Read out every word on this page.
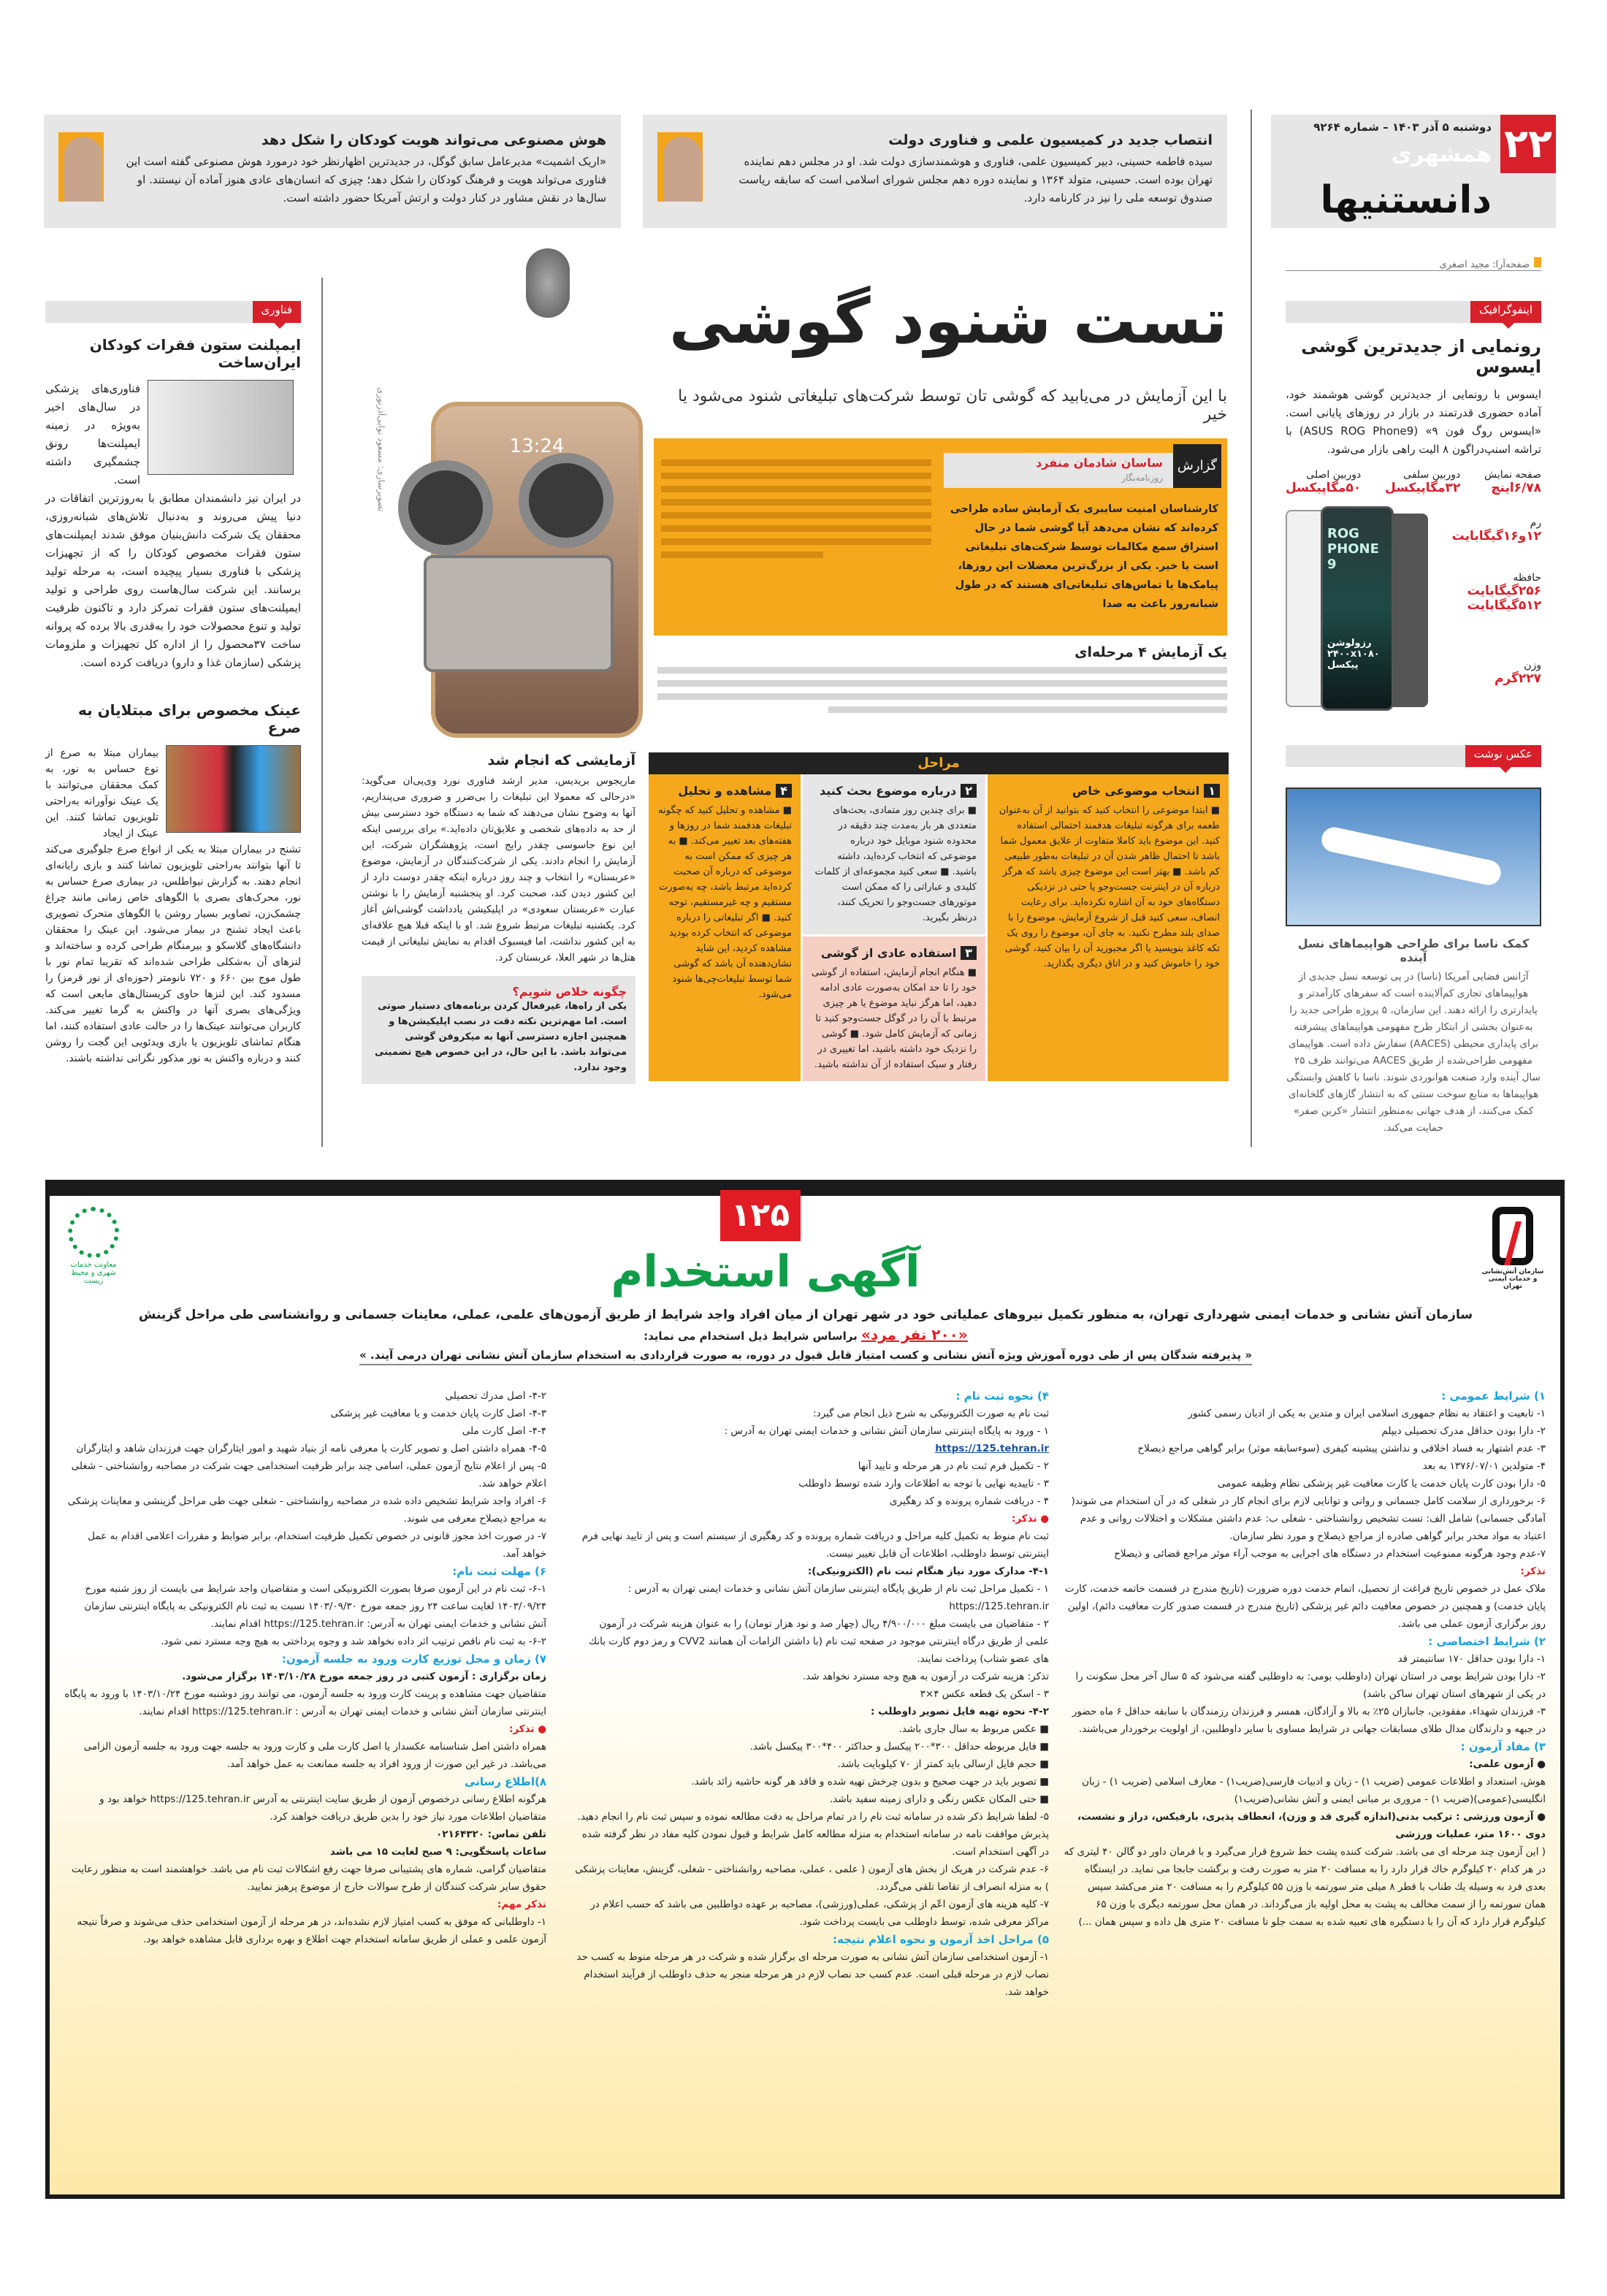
۲۲
دوشنبه ۵ آذر ۱۴۰۳ – شماره ۹۲۶۴
همشهری
دانستنیها
صفحه‌آرا: مجید اصغری
انتصاب جدید در کمیسیون علمی و فناوری دولت

سیده فاطمه حسینی، دبیر کمیسیون علمی، فناوری و هوشمندسازی دولت شد. او در مجلس دهم نماینده تهران بوده است. حسینی، متولد ۱۳۶۴ و نماینده دوره دهم مجلس شورای اسلامی است که سابقه ریاست صندوق توسعه ملی را نیز در کارنامه دارد.

هوش مصنوعی می‌تواند هویت کودکان را شکل دهد

«اریک اشمیت» مدیرعامل سابق گوگل، در جدیدترین اظهارنظر خود درمورد هوش مصنوعی گفته است این فناوری می‌تواند هویت و فرهنگ کودکان را شکل دهد؛ چیزی که انسان‌های عادی هنوز آماده آن نیستند. او سال‌ها در نقش مشاور در کنار دولت و ارتش آمریکا حضور داشته است.

اینفوگرافیک
رونمایی از جدیدترین گوشی ایسوس

ایسوس با رونمایی از جدیدترین گوشی هوشمند خود، آماده حضوری قدرتمند در بازار در روزهای پایانی است. «ایسوس روگ فون ۹» (ASUS ROG Phone9) با تراشه اسنپ‌دراگون ۸ الیت راهی بازار می‌شود.

صفحه نمایش
۶/۷۸اینچ
دوربین سلفی
۳۲مگاپیکسل
دوربین اصلی
۵۰مگاپیکسل
رم
۱۲و۱۶گیگابایت
حافظه
۲۵۶گیگابایت ۵۱۲گیگابایت
وزن
۲۲۷گرم
ROG PHONE 9
رزولوشن ۲۴۰۰x۱۰۸۰ پیکسل
عکس نوشت
کمک ناسا برای طراحی هواپیماهای نسل آینده

آژانس فضایی آمریکا (ناسا) در پی توسعه نسل جدیدی از هواپیماهای تجاری کم‌آلاینده است که سفرهای کارآمدتر و پایدارتری را ارائه دهند. این سازمان، ۵ پروژه طراحی جدید را به‌عنوان بخشی از ابتکار طرح مفهومی هواپیماهای پیشرفته برای پایداری محیطی (AACES) سفارش داده است. هواپیمای مفهومی طراحی‌شده از طریق AACES می‌توانند ظرف ۲۵ سال آینده وارد صنعت هوانوردی شوند. ناسا با کاهش وابستگی هواپیماها به منابع سوخت سنتی که به انتشار گازهای گلخانه‌ای کمک می‌کنند، از هدف جهانی به‌منظور انتشار «کربن صفر» حمایت می‌کند.

فناوری
ایمپلنت ستون فقرات کودکان ایران‌ساخت

فناوری‌های پزشکی در سال‌های اخیر به‌ویژه در زمینه ایمپلنت‌ها رونق چشمگیری داشته است.

در ایران نیز دانشمندان مطابق با به‌روزترین اتفاقات در دنیا پیش می‌روند و به‌دنبال تلاش‌های شبانه‌روزی، محققان یک شرکت دانش‌بنیان موفق شدند ایمپلنت‌های ستون فقرات مخصوص کودکان را که از تجهیزات پزشکی با فناوری بسیار پیچیده است، به مرحله تولید برسانند. این شرکت سال‌هاست روی طراحی و تولید ایمپلنت‌های ستون فقرات تمرکز دارد و تاکنون ظرفیت تولید و تنوع محصولات خود را به‌قدری بالا برده که پروانه ساخت ۳۷محصول را از اداره کل تجهیزات و ملزومات پزشکی (سازمان غذا و دارو) دریافت کرده است.

عینک مخصوص برای مبتلایان به صرع

بیماران مبتلا به صرع از نوع حساس به نور، به کمک محققان می‌توانند با یک عینک نوآورانه به‌راحتی تلویزیون تماشا کنند. این عینک از ایجاد

تشنج در بیماران مبتلا به یکی از انواع صرع جلوگیری می‌کند تا آنها بتوانند به‌راحتی تلویزیون تماشا کنند و بازی رایانه‌ای انجام دهند. به گزارش نیواطلس، در بیماری صرع حساس به نور، محرک‌های بصری با الگوهای خاص زمانی مانند چراغ چشمک‌زن، تصاویر بسیار روشن یا الگوهای متحرک تصویری باعث ایجاد تشنج در بیمار می‌شود. این عینک را محققان دانشگاه‌های گلاسکو و بیرمنگام طراحی کرده و ساخته‌اند و لنزهای آن به‌شکلی طراحی شده‌اند که تقریبا تمام نور با طول موج بین ۶۶۰ و ۷۲۰ نانومتر (حوزه‌ای از نور قرمز) را مسدود کند. این لنزها حاوی کریستال‌های مایعی است که ویژگی‌های بصری آنها در واکنش به گرما تغییر می‌کند. کاربران می‌توانند عینک‌ها را در حالت عادی استفاده کنند، اما هنگام تماشای تلویزیون یا بازی ویدئویی این گجت را روشن کنند و درباره واکنش به نور مذکور نگرانی نداشته باشند.

تست شنود گوشی
با این آزمایش در می‌یابید که گوشی تان توسط شرکت‌های تبلیغاتی شنود می‌شود یا خیر
13:24
تصویرسازی: مسعود نوایی‌آذرنوری	گزارش
ساسان شادمان منفرد
روزنامه‌نگار

کارشناسان امنیت سایبری یک آزمایش ساده طراحی کرده‌اند که نشان می‌دهد آیا گوشی شما در حال استراق سمع مکالمات توسط شرکت‌های تبلیغاتی است یا خیر. یکی از بزرگ‌ترین معضلات این روزها، پیامک‌ها یا تماس‌های تبلیغاتی‌ای هستند که در طول شبانه‌روز باعث به صدا

یک آزمایش ۴ مرحله‌ای
مراحل
۱انتخاب موضوعی خاص

■ ابتدا موضوعی را انتخاب کنید که بتوانید از آن به‌عنوان طعمه برای هرگونه تبلیغات هدفمند احتمالی استفاده کنید. این موضوع باید کاملا متفاوت از علایق معمول شما باشد تا احتمال ظاهر شدن آن در تبلیغات به‌طور طبیعی کم باشد. ■ بهتر است این موضوع چیزی باشد که هرگز درباره آن در اینترنت جست‌وجو یا حتی در نزدیکی دستگاه‌های خود به آن اشاره نکرده‌اید. برای رعایت انصاف، سعی کنید قبل از شروع آزمایش، موضوع را با صدای بلند مطرح نکنید. به جای آن، موضوع را روی یک تکه کاغذ بنویسید یا اگر مجبورید آن را بیان کنید، گوشی خود را خاموش کنید و در اتاق دیگری بگذارید.

۲درباره موضوع بحث کنید

■ برای چندین روز متمادی، بحث‌های متعددی هر بار به‌مدت چند دقیقه در محدوده شنود موبایل خود درباره موضوعی که انتخاب کرده‌اید، داشته باشید. ■ سعی کنید مجموعه‌ای از کلمات کلیدی و عباراتی را که ممکن است موتورهای جست‌وجو را تحریک کنند، درنظر بگیرید.

۳استفاده عادی از گوشی

■ هنگام انجام آزمایش، استفاده از گوشی خود را تا حد امکان به‌صورت عادی ادامه دهید، اما هرگز نباید موضوع یا هر چیزی مرتبط با آن را در گوگل جست‌وجو کنید تا زمانی که آزمایش کامل شود. ■ گوشی را نزدیک خود داشته باشید، اما تغییری در رفتار و سبک استفاده از آن نداشته باشید.

۴مشاهده و تحلیل

■ مشاهده و تحلیل کنید که چگونه تبلیغات هدفمند شما در روزها و هفته‌های بعد تغییر می‌کند. ■ به هر چیزی که ممکن است به موضوعی که درباره آن صحبت کرده‌اید مرتبط باشد، چه به‌صورت مستقیم و چه غیرمستقیم، توجه کنید. ■ اگر تبلیغاتی را درباره موضوعی که انتخاب کرده بودید مشاهده کردید، این شاید نشان‌دهنده آن باشد که گوشی شما توسط تبلیغات‌چی‌ها شنود می‌شود.

آزمایشی که انجام شد

ماریجوس بریدیس، مدیر ارشد فناوری نورد وی‌پی‌ان می‌گوید: «درحالی که معمولا این تبلیغات را بی‌ضرر و ضروری می‌پنداریم، آنها به وضوح نشان می‌دهند که شما به دستگاه خود دسترسی بیش از حد به داده‌های شخصی و علایق‌تان داده‌اید.» برای بررسی اینکه این نوع جاسوسی چقدر رایج است، پژوهشگران شرکت، این آزمایش را انجام دادند. یکی از شرکت‌کنندگان در آزمایش، موضوع «عربستان» را انتخاب و چند روز درباره اینکه چقدر دوست دارد از این کشور دیدن کند، صحبت کرد. او پنجشنبه آزمایش را با نوشتن عبارت «عربستان سعودی» در اپلیکیشن یادداشت گوشی‌اش آغاز کرد. یکشنبه تبلیغات مرتبط شروع شد. او با اینکه قبلا هیچ علاقه‌ای به این کشور نداشت، اما فیسبوک اقدام به نمایش تبلیغاتی از قیمت هتل‌ها در شهر العلا، عربستان کرد.

چگونه خلاص شویم؟

یکی از راه‌ها، غیرفعال کردن برنامه‌های دستیار صوتی است. اما مهم‌ترین نکته دقت در نصب اپلیکیشن‌ها و همچنین اجازه دسترسی آنها به میکروفن گوشی می‌تواند باشد. با این حال، در این خصوص هیچ تضمینی وجود ندارد.

۱۲۵
آگهی استخدام	سازمان آتش‌نشانی و خدمات ایمنی تهران
معاونت خدمات شهری و محیط زیست
سازمان آتش نشانی و خدمات ایمنی شهرداری تهران، به منظور تکمیل نیروهای عملیاتی خود در شهر تهران از میان افراد واجد شرایط از طریق آزمون‌های علمی، عملی، معاینات جسمانی و روانشناسی طی مراحل گزینش
«۲۰۰ نفر مرد» براساس شرایط ذیل استخدام می نماید:
« پذیرفته شدگان پس از طی دوره آموزش ویژه آتش نشانی و کسب امتیاز قابل قبول در دوره، به صورت قراردادی به استخدام سازمان آتش نشانی تهران درمی آیند. »
۱) شرایط عمومی :
۱- تابعیت و اعتقاد به نظام جمهوری اسلامی ایران و متدین به یکی از ادیان رسمی کشور
۲- دارا بودن حداقل مدرک تحصیلی دیپلم
۳- عدم اشتهار به فساد اخلاقی و نداشتن پیشینه کیفری (سوءسابقه موثر) برابر گواهی مراجع ذیصلاح
۴- متولدین ۱۳۷۶/۰۷/۰۱ به بعد
۵- دارا بودن کارت پایان خدمت یا کارت معافیت غیر پزشکی نظام وظیفه عمومی
۶- برخورداری از سلامت کامل جسمانی و روانی و توانایی لازم برای انجام کار در شغلی که در آن استخدام می شوند( آمادگی جسمانی) شامل الف: تست تشخیص روانشناختی - شغلی ب: عدم داشتن مشکلات و اختلالات روانی و عدم اعتیاد به مواد مخدر برابر گواهی صادره از مراجع ذیصلاح و مورد نظر سازمان.
۷-عدم وجود هرگونه ممنوعیت استخدام در دستگاه های اجرایی به موجب آراء موثر مراجع قضائی و ذیصلاح
تذکر:
ملاک عمل در خصوص تاریخ فراغت از تحصیل، اتمام خدمت دوره ضرورت (تاریخ مندرج در قسمت خاتمه خدمت، کارت پایان خدمت) و همچنین در خصوص معافیت دائم غیر پزشکی (تاریخ مندرج در قسمت صدور کارت معافیت دائم)، اولین روز برگزاری آزمون عملی می باشد.
۲) شرایط اختصاصی :
۱- دارا بودن حداقل ۱۷۰ سانتیمتر قد
۲- دارا بودن شرایط بومی در استان تهران (داوطلب بومی: به داوطلبی گفته می‌شود که ۵ سال آخر محل سکونت را در یکی از شهرهای استان تهران ساکن باشد)
۳- فرزندان شهداء، مفقودین، جانبازان ۲۵٪ به بالا و آزادگان، همسر و فرزندان رزمندگان با سابقه حداقل ۶ ماه حضور در جبهه و دارندگان مدال طلای مسابقات جهانی در شرایط مساوی با سایر داوطلبین، از اولویت برخوردار می‌باشند.
۳) مفاد آزمون :
● آزمون علمی:
هوش، استعداد و اطلاعات عمومی (ضریب ۱) - زبان و ادبیات فارسی(ضریب۱) - معارف اسلامی (ضریب ۱) - زبان انگلیسی(عمومی)(ضریب ۱) - مروری بر مبانی ایمنی و آتش نشانی(ضریب۱)
● آزمون ورزشی : ترکیب بدنی(اندازه گیری قد و وزن)، انعطاف پذیری، بارفیکس، دراز و نشست، دوی ۱۶۰۰ متر، عملیات ورزشی
( این آزمون چند مرحله ای می باشد. شرکت کننده پشت خط شروع قرار می‌گیرد و با فرمان داور دو گالن ۴۰ لیتری که در هر کدام ۲۰ کیلوگرم خاك قرار دارد را به مسافت ۲۰ متر به صورت رفت و برگشت جابجا می نماید. در ایستگاه بعدی فرد به وسیله یك طناب با قطر ۸ میلی متر سورتمه با وزن ۵۵ کیلوگرم را به مسافت ۲۰ متر می‌کشد سپس همان سورتمه را از سمت مخالف به پشت به محل اولیه باز می‌گرداند. در همان محل سورتمه دیگری با وزن ۶۵ کیلوگرم قرار دارد که آن را با دستگیره های تعبیه شده به سمت جلو تا مسافت ۲۰ متری هل داده و سپس همان ...)
۴) نحوه ثبت نام :
ثبت نام به صورت الکترونیکی به شرح ذیل انجام می گیرد:
۱ - ورود به پایگاه اینترنتی سازمان آتش نشانی و خدمات ایمنی تهران به آدرس :
https://125.tehran.ir
۲ - تکمیل فرم ثبت نام در هر مرحله و تایید آنها
۳ - تاییدیه نهایی با توجه به اطلاعات وارد شده توسط داوطلب
۴ - دریافت شماره پرونده و کد رهگیری
● تذکر:
ثبت نام منوط به تکمیل کلیه مراحل و دریافت شماره پرونده و کد رهگیری از سیستم است و پس از تایید نهایی فرم اینترنتی توسط داوطلب، اطلاعات آن قابل تغییر نیست.
۴-۱- مدارک مورد نیاز هنگام ثبت نام (الکترونیکی):
۱ - تکمیل مراحل ثبت نام از طریق پایگاه اینترنتی سازمان آتش نشانی و خدمات ایمنی تهران به آدرس : https://125.tehran.ir
۲ - متقاضیان می بایست مبلغ ۴/۹۰۰/۰۰۰ ریال (چهار صد و نود هزار تومان) را به عنوان هزینه شرکت در آزمون علمی از طریق درگاه اینترنتی موجود در صفحه ثبت نام (با داشتن الزامات آن همانند CVV2 و رمز دوم کارت بانك های عضو شتاب) پرداخت نمایند.
تذکر: هزینه شرکت در آزمون به هیچ وجه مسترد نخواهد شد.
۳ - اسکن یک قطعه عکس ۴×۳
۴-۲- نحوه تهیه فایل تصویر داوطلب :
■ عکس مربوط به سال جاری باشد.
■ فایل مربوطه حداقل ۳۰۰*۲۰۰ پیکسل و حداکثر ۴۰۰*۳۰۰ پیکسل باشد.
■ حجم فایل ارسالی باید کمتر از ۷۰ کیلوبایت باشد.
■ تصویر باید در جهت صحیح و بدون چرخش تهیه شده و فاقد هر گونه حاشیه زائد باشد.
■ حتی المکان عکس رنگی و دارای زمینه سفید باشد.
۵- لطفا شرایط ذکر شده در سامانه ثبت نام را در تمام مراحل به دقت مطالعه نموده و سپس ثبت نام را انجام دهید. پذیرش موافقت نامه در سامانه استخدام به منزله مطالعه کامل شرایط و قبول نمودن کلیه مفاد در نظر گرفته شده در آگهی استخدام است.
۶- عدم شرکت در هریک از بخش های آزمون ( علمی ، عملی، مصاحبه روانشناختی - شغلی، گزینش، معاینات پزشکی ) به منزله انصراف از تقاضا تلقی می‌گردد.
۷- کلیه هزینه های آزمون اعّم از پزشکی، عملی(ورزشی)، مصاحبه بر عهده دواطلبین می باشد که حسب اعلام در مراکز معرفی شده، توسط داوطلب می بایست پرداخت شود.
۵) مراحل اخذ آزمون و نحوه اعلام نتیجه:
۱- آزمون استخدامی سازمان آتش نشانی به صورت مرحله ای برگزار شده و شرکت در هر مرحله منوط به کسب حد نصاب لازم در مرحله قبلی است. عدم کسب حد نصاب لازم در هر مرحله منجر به حذف داوطلب از فرآیند استخدام خواهد شد.
۴-۲- اصل مدرك تحصیلی
۴-۳- اصل کارت پایان خدمت و یا معافیت غیر پزشکی
۴-۴- اصل کارت ملی
۴-۵- همراه داشتن اصل و تصویر کارت یا معرفی نامه از بنیاد شهید و امور ایثارگران جهت فرزندان شاهد و ایثارگران
۵- پس از اعلام نتایج آزمون عملی، اسامی چند برابر ظرفیت استخدامی جهت شرکت در مصاحبه روانشناختی - شغلی اعلام خواهد شد.
۶- افراد واجد شرایط تشخیص داده شده در مصاحبه روانشناختی - شغلی جهت طی مراحل گزینشی و معاینات پزشکی به مراجع ذیصلاح معرفی می شوند.
۷- در صورت اخذ مجوز قانونی در خصوص تکمیل ظرفیت استخدام، برابر ضوابط و مقررات اعلامی اقدام به عمل خواهد آمد.
۶) مهلت ثبت نام:
۶-۱- ثبت نام در این آزمون صرفا بصورت الکترونیکی است و متقاضیان واجد شرایط می بایست از روز شنبه مورخ ۱۴۰۳/۰۹/۲۴ لغایت ساعت ۲۴ روز جمعه مورخ ۱۴۰۳/۰۹/۳۰ نسبت به ثبت نام الکترونیکی به پایگاه اینترنتی سازمان آتش نشانی و خدمات ایمنی تهران به آدرس: https://125.tehran.ir اقدام نمایند.
۶-۲- به ثبت نام ناقص ترتیب اثر داده نخواهد شد و وجوه پرداختی به هیچ وجه مسترد نمی شود.
۷) زمان و محل توزیع کارت ورود به جلسه آزمون:
زمان برگزاری : آزمون کتبی در روز جمعه مورخ ۱۴۰۳/۱۰/۲۸ برگزار می‌شود.
متقاضیان جهت مشاهده و پرینت کارت ورود به جلسه آزمون، می توانند روز دوشنبه مورخ ۱۴۰۳/۱۰/۲۴ با ورود به پایگاه اینترنتی سازمان آتش نشانی و خدمات ایمنی تهران به آدرس : https://125.tehran.ir اقدام نمایند.
● تذکر:
همراه داشتن اصل شناسنامه عکسدار یا اصل کارت ملی و کارت ورود به جلسه جهت ورود به جلسه آزمون الزامی می‌باشد. در غیر این صورت از ورود افراد به جلسه ممانعت به عمل خواهد آمد.
۸)اطلاع رسانی
هرگونه اطلاع رسانی درخصوص آزمون از طریق سایت اینترنتی به آدرس https://125.tehran.ir خواهد بود و متقاضیان اطلاعات مورد نیاز خود را بدین طریق دریافت خواهند کرد.
تلفن تماس: ۰۲۱۶۴۳۲۰
ساعات پاسخگویی: ۹ صبح لغایت ۱۵ می باشد
متقاضیان گرامی، شماره های پشتیبانی صرفا جهت رفع اشکالات ثبت نام می باشد. خواهشمند است به منظور رعایت حقوق سایر شرکت کنندگان از طرح سوالات خارج از موضوع پرهیز نمایید.
تذکر مهم:
۱- داوطلبانی که موفق به کسب امتیاز لازم نشده‌اند، در هر مرحله از آزمون استخدامی حذف می‌شوند و صرفاً نتیجه آزمون علمی و عملی از طریق سامانه استخدام جهت اطلاع و بهره برداری قابل مشاهده خواهد بود.
